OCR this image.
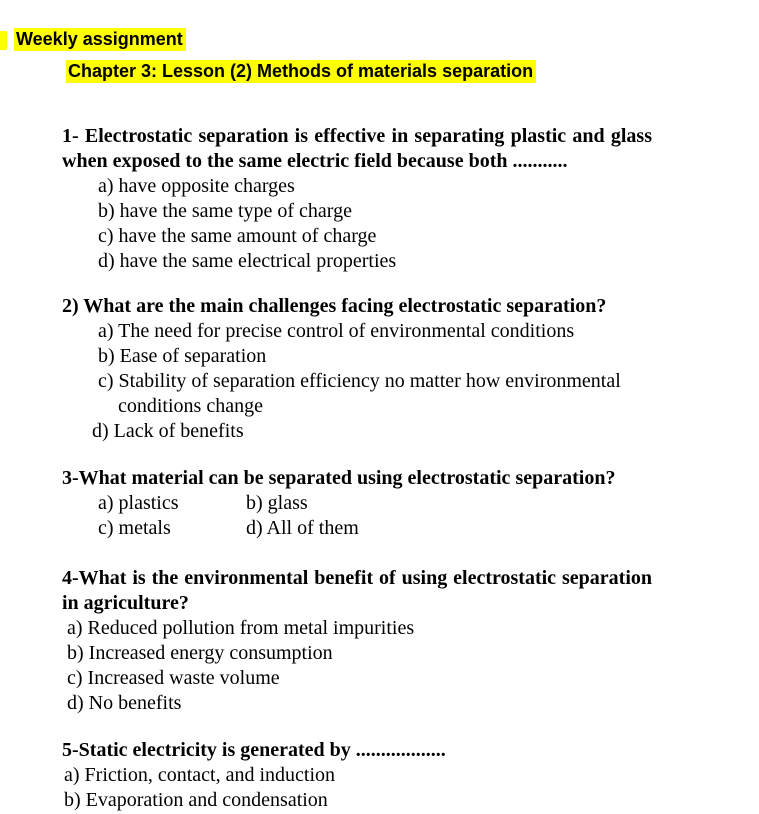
Weekly assignment
Chapter 3: Lesson (2) Methods of materials separation
1- Electrostatic separation is effective in separating plastic and glass when exposed to the same electric field because both ...........
a) have opposite charges
b) have the same type of charge
c) have the same amount of charge
d) have the same electrical properties
2) What are the main challenges facing electrostatic separation?
a) The need for precise control of environmental conditions
b) Ease of separation
c) Stability of separation efficiency no matter how environmental conditions change
d) Lack of benefits
3-What material can be separated using electrostatic separation?
a) plastics	b) glass
c) metals	d) All of them
4-What is the environmental benefit of using electrostatic separation in agriculture?
a) Reduced pollution from metal impurities
b) Increased energy consumption
c) Increased waste volume
d) No benefits
5-Static electricity is generated by ..................
a) Friction, contact, and induction
b) Evaporation and condensation
